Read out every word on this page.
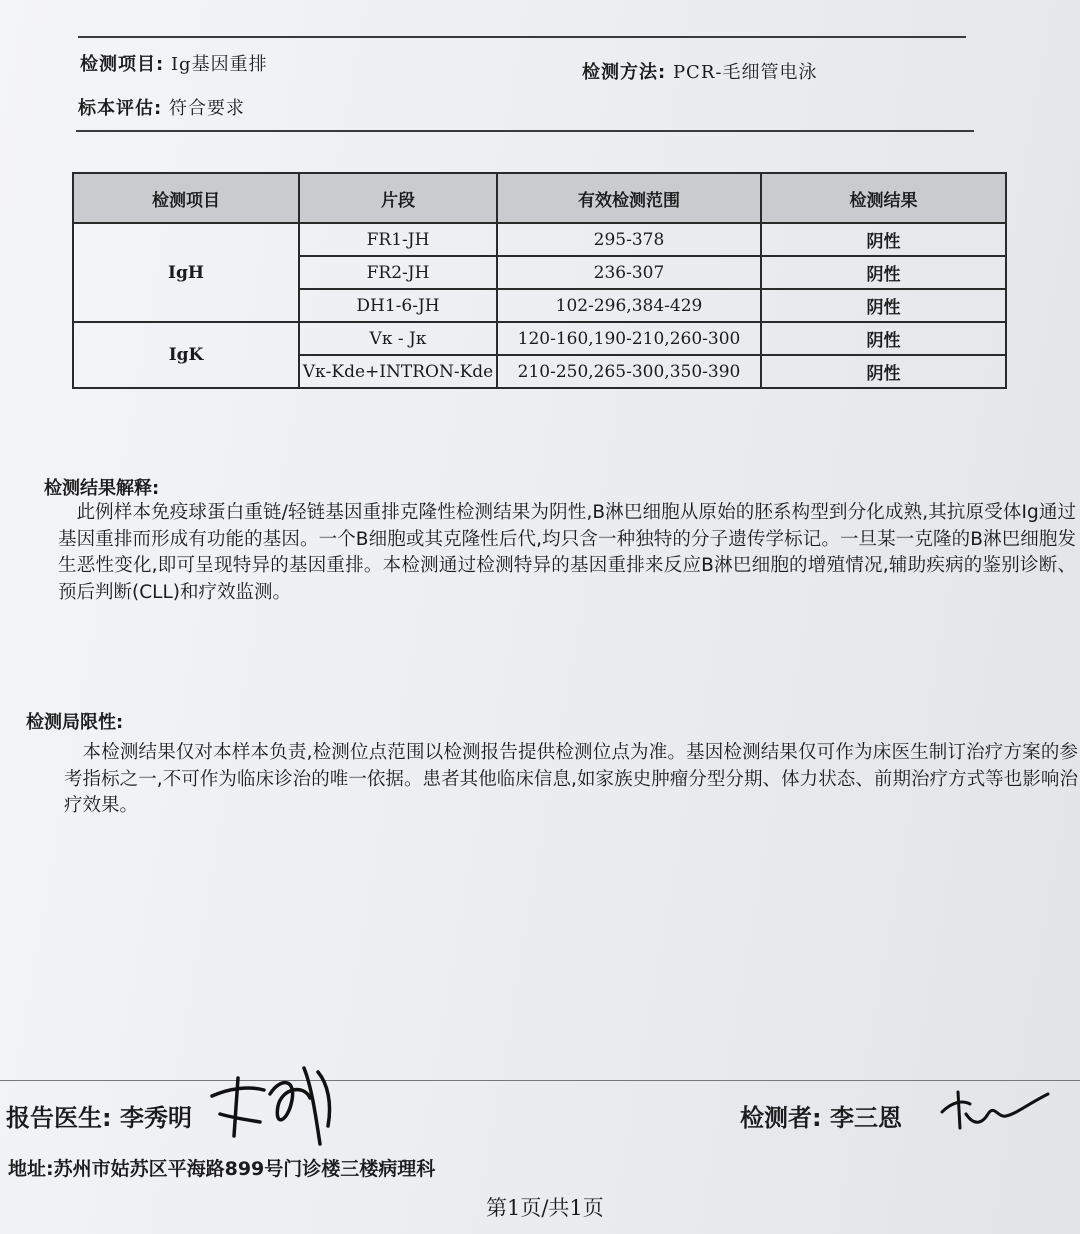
检测项目: Ig基因重排	检测方法: PCR-毛细管电泳
标本评估: 符合要求
检测项目	片段	有效检测范围	检测结果
IgH	FR1-JH	295-378	阴性
	FR2-JH	236-307	阴性
	DH1-6-JH	102-296,384-429	阴性
IgK	Vκ - Jκ	120-160,190-210,260-300	阴性
	Vκ-Kde+INTRON-Kde	210-250,265-300,350-390	阴性
检测结果解释:
此例样本免疫球蛋白重链/轻链基因重排克隆性检测结果为阴性,B淋巴细胞从原始的胚系构型到分化成熟,其抗原受体Ig通过基因重排而形成有功能的基因。一个B细胞或其克隆性后代,均只含一种独特的分子遗传学标记。一旦某一克隆的B淋巴细胞发生恶性变化,即可呈现特异的基因重排。本检测通过检测特异的基因重排来反应B淋巴细胞的增殖情况,辅助疾病的鉴别诊断、预后判断(CLL)和疗效监测。
检测局限性:
本检测结果仅对本样本负责,检测位点范围以检测报告提供检测位点为准。基因检测结果仅可作为床医生制订治疗方案的参考指标之一,不可作为临床诊治的唯一依据。患者其他临床信息,如家族史肿瘤分型分期、体力状态、前期治疗方式等也影响治疗效果。
报告医生: 李秀明	检测者: 李三恩
地址:苏州市姑苏区平海路899号门诊楼三楼病理科
第1页/共1页
